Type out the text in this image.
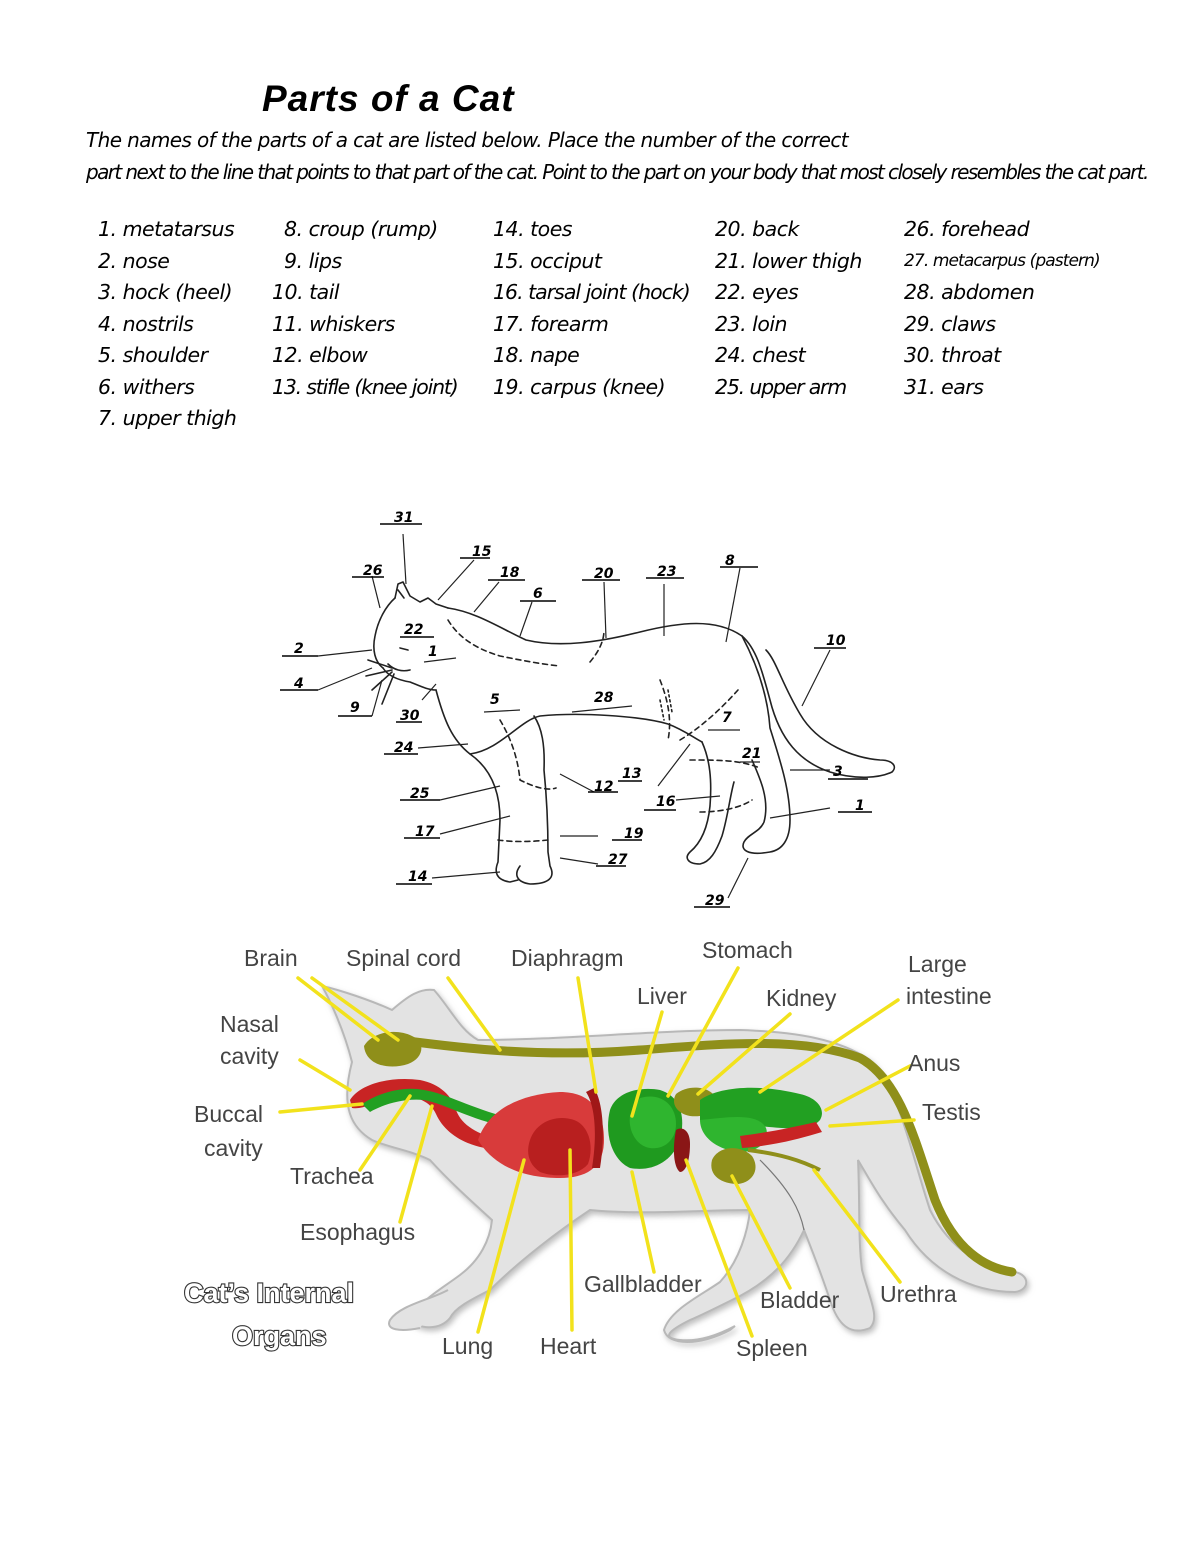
Parts of a Cat
The names of the parts of a cat are listed below. Place the number of the correct
part next to the line that points to that part of the cat. Point to the part on your body that most closely resembles the cat part.
1. metatarsus
2. nose
3. hock (heel)
4. nostrils
5. shoulder
6. withers
7. upper thigh
8. croup (rump)
9. lips
10. tail
11. whiskers
12. elbow
13. stifle (knee joint)
14. toes
15. occiput
16. tarsal joint (hock)
17. forearm
18. nape
19. carpus (knee)
20. back
21. lower thigh
22. eyes
23. loin
24. chest
25. upper arm
26. forehead
27. metacarpus (pastern)
28. abdomen
29. claws
30. throat
31. ears
31
15
26	18
6
20	23
8
10
22
2	1
4
9	30
5	28
7
24	21
3
13
12
25	16	1
17	19
27
14
29
Brain Spinal cord Diaphragm	Stomach
Liver	Kidney
Large
intestine
Nasal
cavity	Anus
Buccal
cavity
Testis
Trachea
Esophagus
Gallbladder
Bladder Urethra
Lung Heart	Spleen
Cat’s Internal
Organs
